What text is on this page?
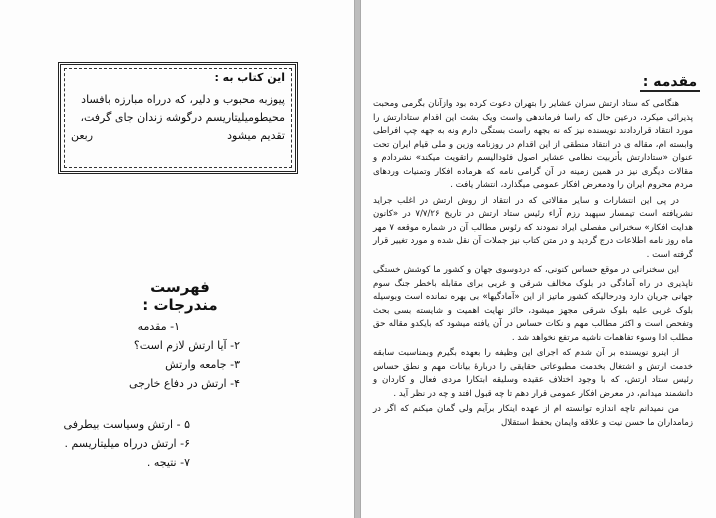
این کتاب به :
پیوزبه محبوب و دلیر، که درراه مبارزه بافساد
محیطومیلیتاریسم درگوشه زندان جای گرفت،
تقدیم میشود
ربعن
فهرست مندرجات :
۱- مقدمه
۲- آیا ارتش لازم است؟
۳- جامعه وارتش
۴- ارتش در دفاع خارجی
۵ - ارتش وسیاست بیطرفی
۶- ارتش درراه میلیتاریسم .
۷- نتیجه .
مقدمه :

هنگامی که ستاد ارتش سران عشایر را بتهران دعوت کرده بود وازآنان بگرمی ومحبت پذیرائی میکرد، درعین حال که راسا فرماندهی واست ویک بشت این اقدام ستادارتش را مورد انتقاد قراردادند نویسنده نیز که نه بجهه راست بستگی دارم ونه به جهه چپ افراطی وابسته ام، مقاله ی در انتقاد منطقی از این اقدام در روزنامه وزین و ملی قیام ایران تحت عنوان «ستادارتش بأتربیت نظامی عشایر اصول فئودالیسم راتقویت میکند» نشردادم و مقالات دیگری نیز در همین زمینه در آن گرامی نامه که هرماده افکار وتمنیات وردهای مردم محروم ایران را ودمعرض افکار عمومی میگذارد، انتشار یافت .

در پی این انتشارات و سایر مقالاتی که در انتقاد از روش ارتش در اغلب جراید نشریافته است تیمسار سپهبد رزم آراء رئیس ستاد ارتش در تاریخ ۷/۷/۲۶ در «کانون هدایت افکار» سخنرانی مفصلی ایراد نمودند که رئوس مطالب آن در شماره موقعه ۷ مهر ماه روز نامه اطلاعات درج گردید و در متن کتاب نیز جملات آن نقل شده و مورد تغییر قرار گرفته است .

این سخنرانی در موقع حساس کنونی، که دردوسوی جهان و کشور ما کوشش خستگی ناپذیری در راه آمادگی در بلوک مخالف شرقی و غربی برای مقابله باخطر جنگ سوم جهانی جریان دارد ودرحالیکه کشور ماتیز از این «آمادگیها» بی بهره نمانده است وبوسیله بلوک غربی علیه بلوک شرقی مجهز میشود، حائز نهایت اهمیت و شایسته بسی بحث وتفحص است و اکثر مطالب مهم و نکات حساس در آن یافته میشود که بایکدو مقاله حق مطلب ادا وسوء تفاهمات ناشیه مرتفع نخواهد شد .

از اینرو نویسنده بر آن شدم که اجرای این وظیفه را بعهده بگیرم وبمناسبت سابقه خدمت ارتش و اشتغال بخدمت مطبوعاتی حقایقی را دربارهٔ بیانات مهم و نطق حساس رئیس ستاد ارتش، که با وجود اختلاف عقیده وسلیقه ابتکارا مردی فعال و کاردان و دانشمند میدانم، در معرض افکار عمومی قرار دهم تا چه قبول افتد و چه در نظر آید .

من نمیدانم تاچه اندازه توانسته ام از عهده اینکار برآیم ولی گمان میکنم که اگر در زمامداران ما حسن نیت و علاقه وایمان بحفظ استقلال
